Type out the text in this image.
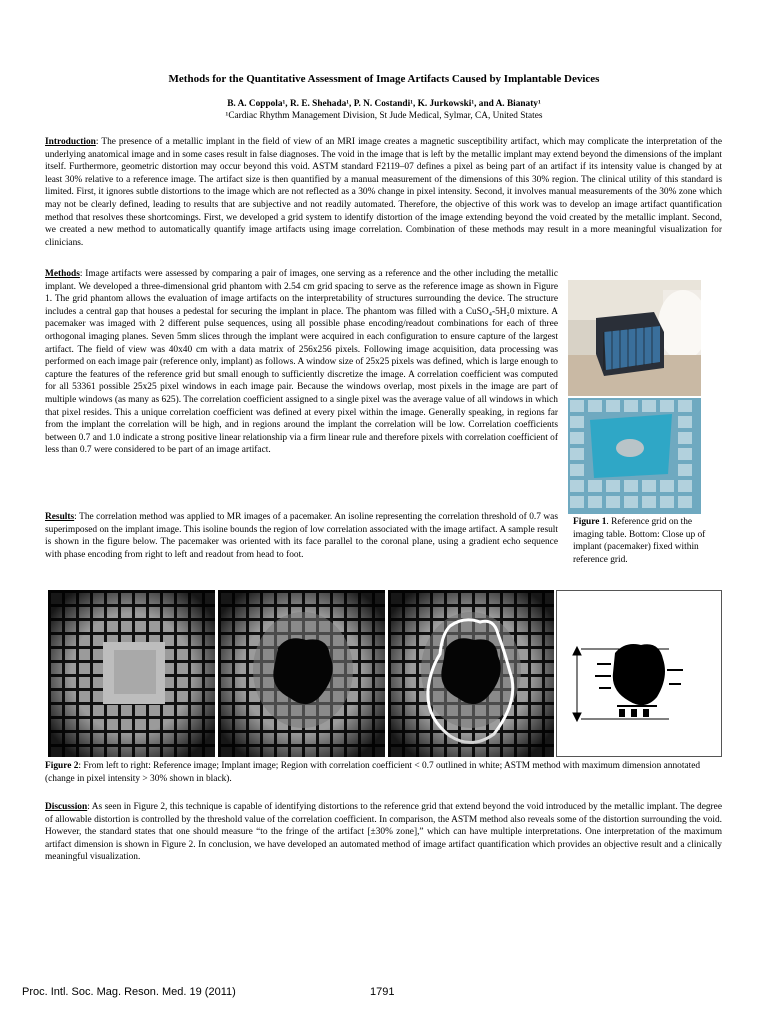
Methods for the Quantitative Assessment of Image Artifacts Caused by Implantable Devices
B. A. Coppola¹, R. E. Shehada¹, P. N. Costandi¹, K. Jurkowski¹, and A. Bianaty¹
¹Cardiac Rhythm Management Division, St Jude Medical, Sylmar, CA, United States
Introduction: The presence of a metallic implant in the field of view of an MRI image creates a magnetic susceptibility artifact, which may complicate the interpretation of the underlying anatomical image and in some cases result in false diagnoses. The void in the image that is left by the metallic implant may extend beyond the dimensions of the implant itself. Furthermore, geometric distortion may occur beyond this void. ASTM standard F2119–07 defines a pixel as being part of an artifact if its intensity value is changed by at least 30% relative to a reference image. The artifact size is then quantified by a manual measurement of the dimensions of this 30% region. The clinical utility of this standard is limited. First, it ignores subtle distortions to the image which are not reflected as a 30% change in pixel intensity. Second, it involves manual measurements of the 30% zone which may not be clearly defined, leading to results that are subjective and not readily automated. Therefore, the objective of this work was to develop an image artifact quantification method that resolves these shortcomings. First, we developed a grid system to identify distortion of the image extending beyond the void created by the metallic implant. Second, we created a new method to automatically quantify image artifacts using image correlation. Combination of these methods may result in a more meaningful visualization for clinicians.
Methods: Image artifacts were assessed by comparing a pair of images, one serving as a reference and the other including the metallic implant. We developed a three-dimensional grid phantom with 2.54 cm grid spacing to serve as the reference image as shown in Figure 1. The grid phantom allows the evaluation of image artifacts on the interpretability of structures surrounding the device. The structure includes a central gap that houses a pedestal for securing the implant in place. The phantom was filled with a CuSO₄-5H₂0 mixture. A pacemaker was imaged with 2 different pulse sequences, using all possible phase encoding/readout combinations for each of three orthogonal imaging planes. Seven 5mm slices through the implant were acquired in each configuration to ensure capture of the largest artifact. The field of view was 40x40 cm with a data matrix of 256x256 pixels. Following image acquisition, data processing was performed on each image pair (reference only, implant) as follows. A window size of 25x25 pixels was defined, which is large enough to capture the features of the reference grid but small enough to sufficiently discretize the image. A correlation coefficient was computed for all 53361 possible 25x25 pixel windows in each image pair. Because the windows overlap, most pixels in the image are part of multiple windows (as many as 625). The correlation coefficient assigned to a single pixel was the average value of all windows in which that pixel resides. This a unique correlation coefficient was defined at every pixel within the image. Generally speaking, in regions far from the implant the correlation will be high, and in regions around the implant the correlation will be low. Correlation coefficients between 0.7 and 1.0 indicate a strong positive linear relationship via a firm linear rule and therefore pixels with correlation coefficient of less than 0.7 were considered to be part of an image artifact.
Results: The correlation method was applied to MR images of a pacemaker. An isoline representing the correlation threshold of 0.7 was superimposed on the implant image. This isoline bounds the region of low correlation associated with the image artifact. A sample result is shown in the figure below. The pacemaker was oriented with its face parallel to the coronal plane, using a gradient echo sequence with phase encoding from right to left and readout from head to foot.
Figure 1. Reference grid on the imaging table. Bottom: Close up of implant (pacemaker) fixed within reference grid.
Figure 2: From left to right: Reference image; Implant image; Region with correlation coefficient < 0.7 outlined in white; ASTM method with maximum dimension annotated (change in pixel intensity > 30% shown in black).
Discussion: As seen in Figure 2, this technique is capable of identifying distortions to the reference grid that extend beyond the void introduced by the metallic implant. The degree of allowable distortion is controlled by the threshold value of the correlation coefficient. In comparison, the ASTM method also reveals some of the distortion surrounding the void. However, the standard states that one should measure “to the fringe of the artifact [±30% zone],” which can have multiple interpretations. One interpretation of the maximum artifact dimension is shown in Figure 2. In conclusion, we have developed an automated method of image artifact quantification which provides an objective result and a clinically meaningful visualization.
Proc. Intl. Soc. Mag. Reson. Med. 19 (2011)	1791
